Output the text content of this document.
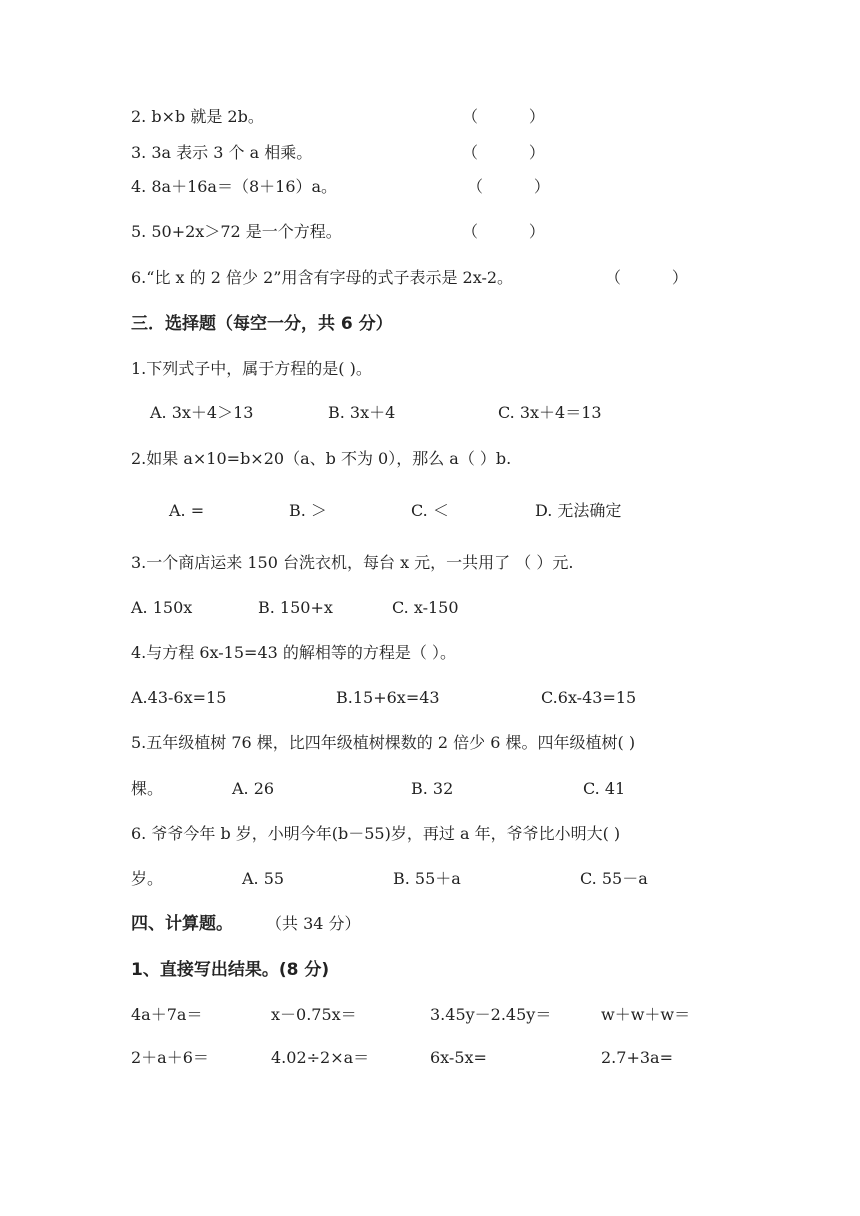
2. b×b 就是 2b。	（          ）
3. 3a 表示 3 个 a 相乘。	（          ）
4. 8a＋16a＝（8＋16）a。	（          ）
5. 50+2x＞72 是一个方程。	（          ）
6.“比 x 的 2 倍少 2”用含有字母的式子表示是 2x-2。	（          ）
三．选择题（每空一分，共 6 分）
1.下列式子中，属于方程的是( )。
A. 3x＋4＞13	B. 3x＋4	C. 3x＋4＝13
2.如果 a×10=b×20（a、b 不为 0），那么 a（ ）b.
A. =	B. ＞	C. ＜	D. 无法确定
3.一个商店运来 150 台洗衣机，每台 x 元，一共用了 （ ）元.
A. 150x	B. 150+x	C. x-150
4.与方程 6x-15=43 的解相等的方程是（ ）。
A.43-6x=15	B.15+6x=43	C.6x-43=15
5.五年级植树 76 棵，比四年级植树棵数的 2 倍少 6 棵。四年级植树( )
棵。	A. 26	B. 32	C. 41
6. 爷爷今年 b 岁，小明今年(b－55)岁，再过 a 年，爷爷比小明大( )
岁。	A. 55	B. 55＋a	C. 55－a
四、计算题。 （共 34 分）
1、直接写出结果。(8 分)
4a＋7a＝	x－0.75x＝	3.45y－2.45y＝	w＋w＋w＝
2＋a＋6＝	4.02÷2×a＝	6x-5x=	2.7+3a=
